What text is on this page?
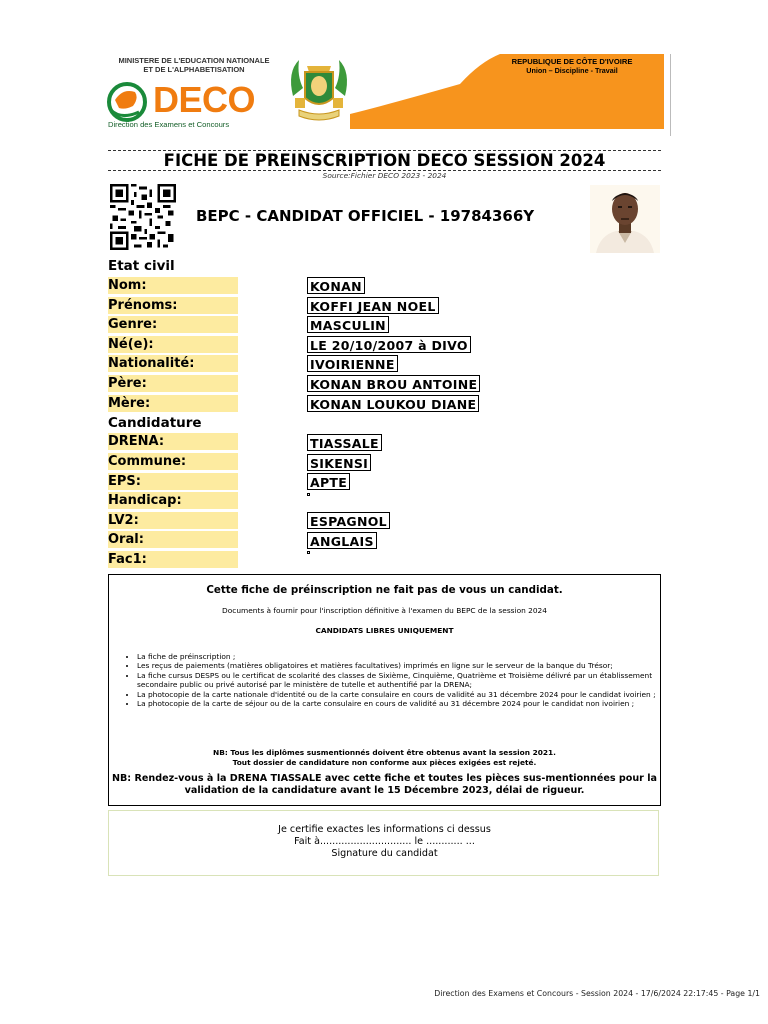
MINISTERE DE L'EDUCATION NATIONALE
ET DE L'ALPHABETISATION
DECO
Direction des Examens et Concours
REPUBLIQUE DE CÔTE D'IVOIRE
Union – Discipline - Travail
FICHE DE PREINSCRIPTION DECO SESSION 2024
Source:Fichier DECO 2023 - 2024
BEPC - CANDIDAT OFFICIEL - 19784366Y
Etat civil
Nom:	KONAN
Prénoms:	KOFFI JEAN NOEL
Genre:	MASCULIN
Né(e):	LE 20/10/2007 à DIVO
Nationalité:	IVOIRIENNE
Père:	KONAN BROU ANTOINE
Mère:	KONAN LOUKOU DIANE
Candidature
DRENA:	TIASSALE
Commune:	SIKENSI
EPS:	APTE
Handicap:
LV2:	ESPAGNOL
Oral:	ANGLAIS
Fac1:
Cette fiche de préinscription ne fait pas de vous un candidat.
Documents à fournir pour l'inscription définitive à l'examen du BEPC de la session 2024
CANDIDATS LIBRES UNIQUEMENT
• La fiche de préinscription ;
• Les reçus de paiements (matières obligatoires et matières facultatives) imprimés en ligne sur le serveur de la banque du Trésor;
• La fiche cursus DESPS ou le certificat de scolarité des classes de Sixième, Cinquième, Quatrième et Troisième délivré par un établissement secondaire public ou privé autorisé par le ministère de tutelle et authentifié par la DRENA;
• La photocopie de la carte nationale d'identité ou de la carte consulaire en cours de validité au 31 décembre 2024 pour le candidat ivoirien ;
• La photocopie de la carte de séjour ou de la carte consulaire en cours de validité au 31 décembre 2024 pour le candidat non ivoirien ;
NB: Tous les diplômes susmentionnés doivent être obtenus avant la session 2021.
Tout dossier de candidature non conforme aux pièces exigées est rejeté.
NB: Rendez-vous à la DRENA TIASSALE avec cette fiche et toutes les pièces sus-mentionnées pour la validation de la candidature avant le 15 Décembre 2023, délai de rigueur.
Je certifie exactes les informations ci dessus
Fait à.............................. le ............ ...
Signature du candidat
Direction des Examens et Concours - Session 2024 - 17/6/2024 22:17:45 - Page 1/1
